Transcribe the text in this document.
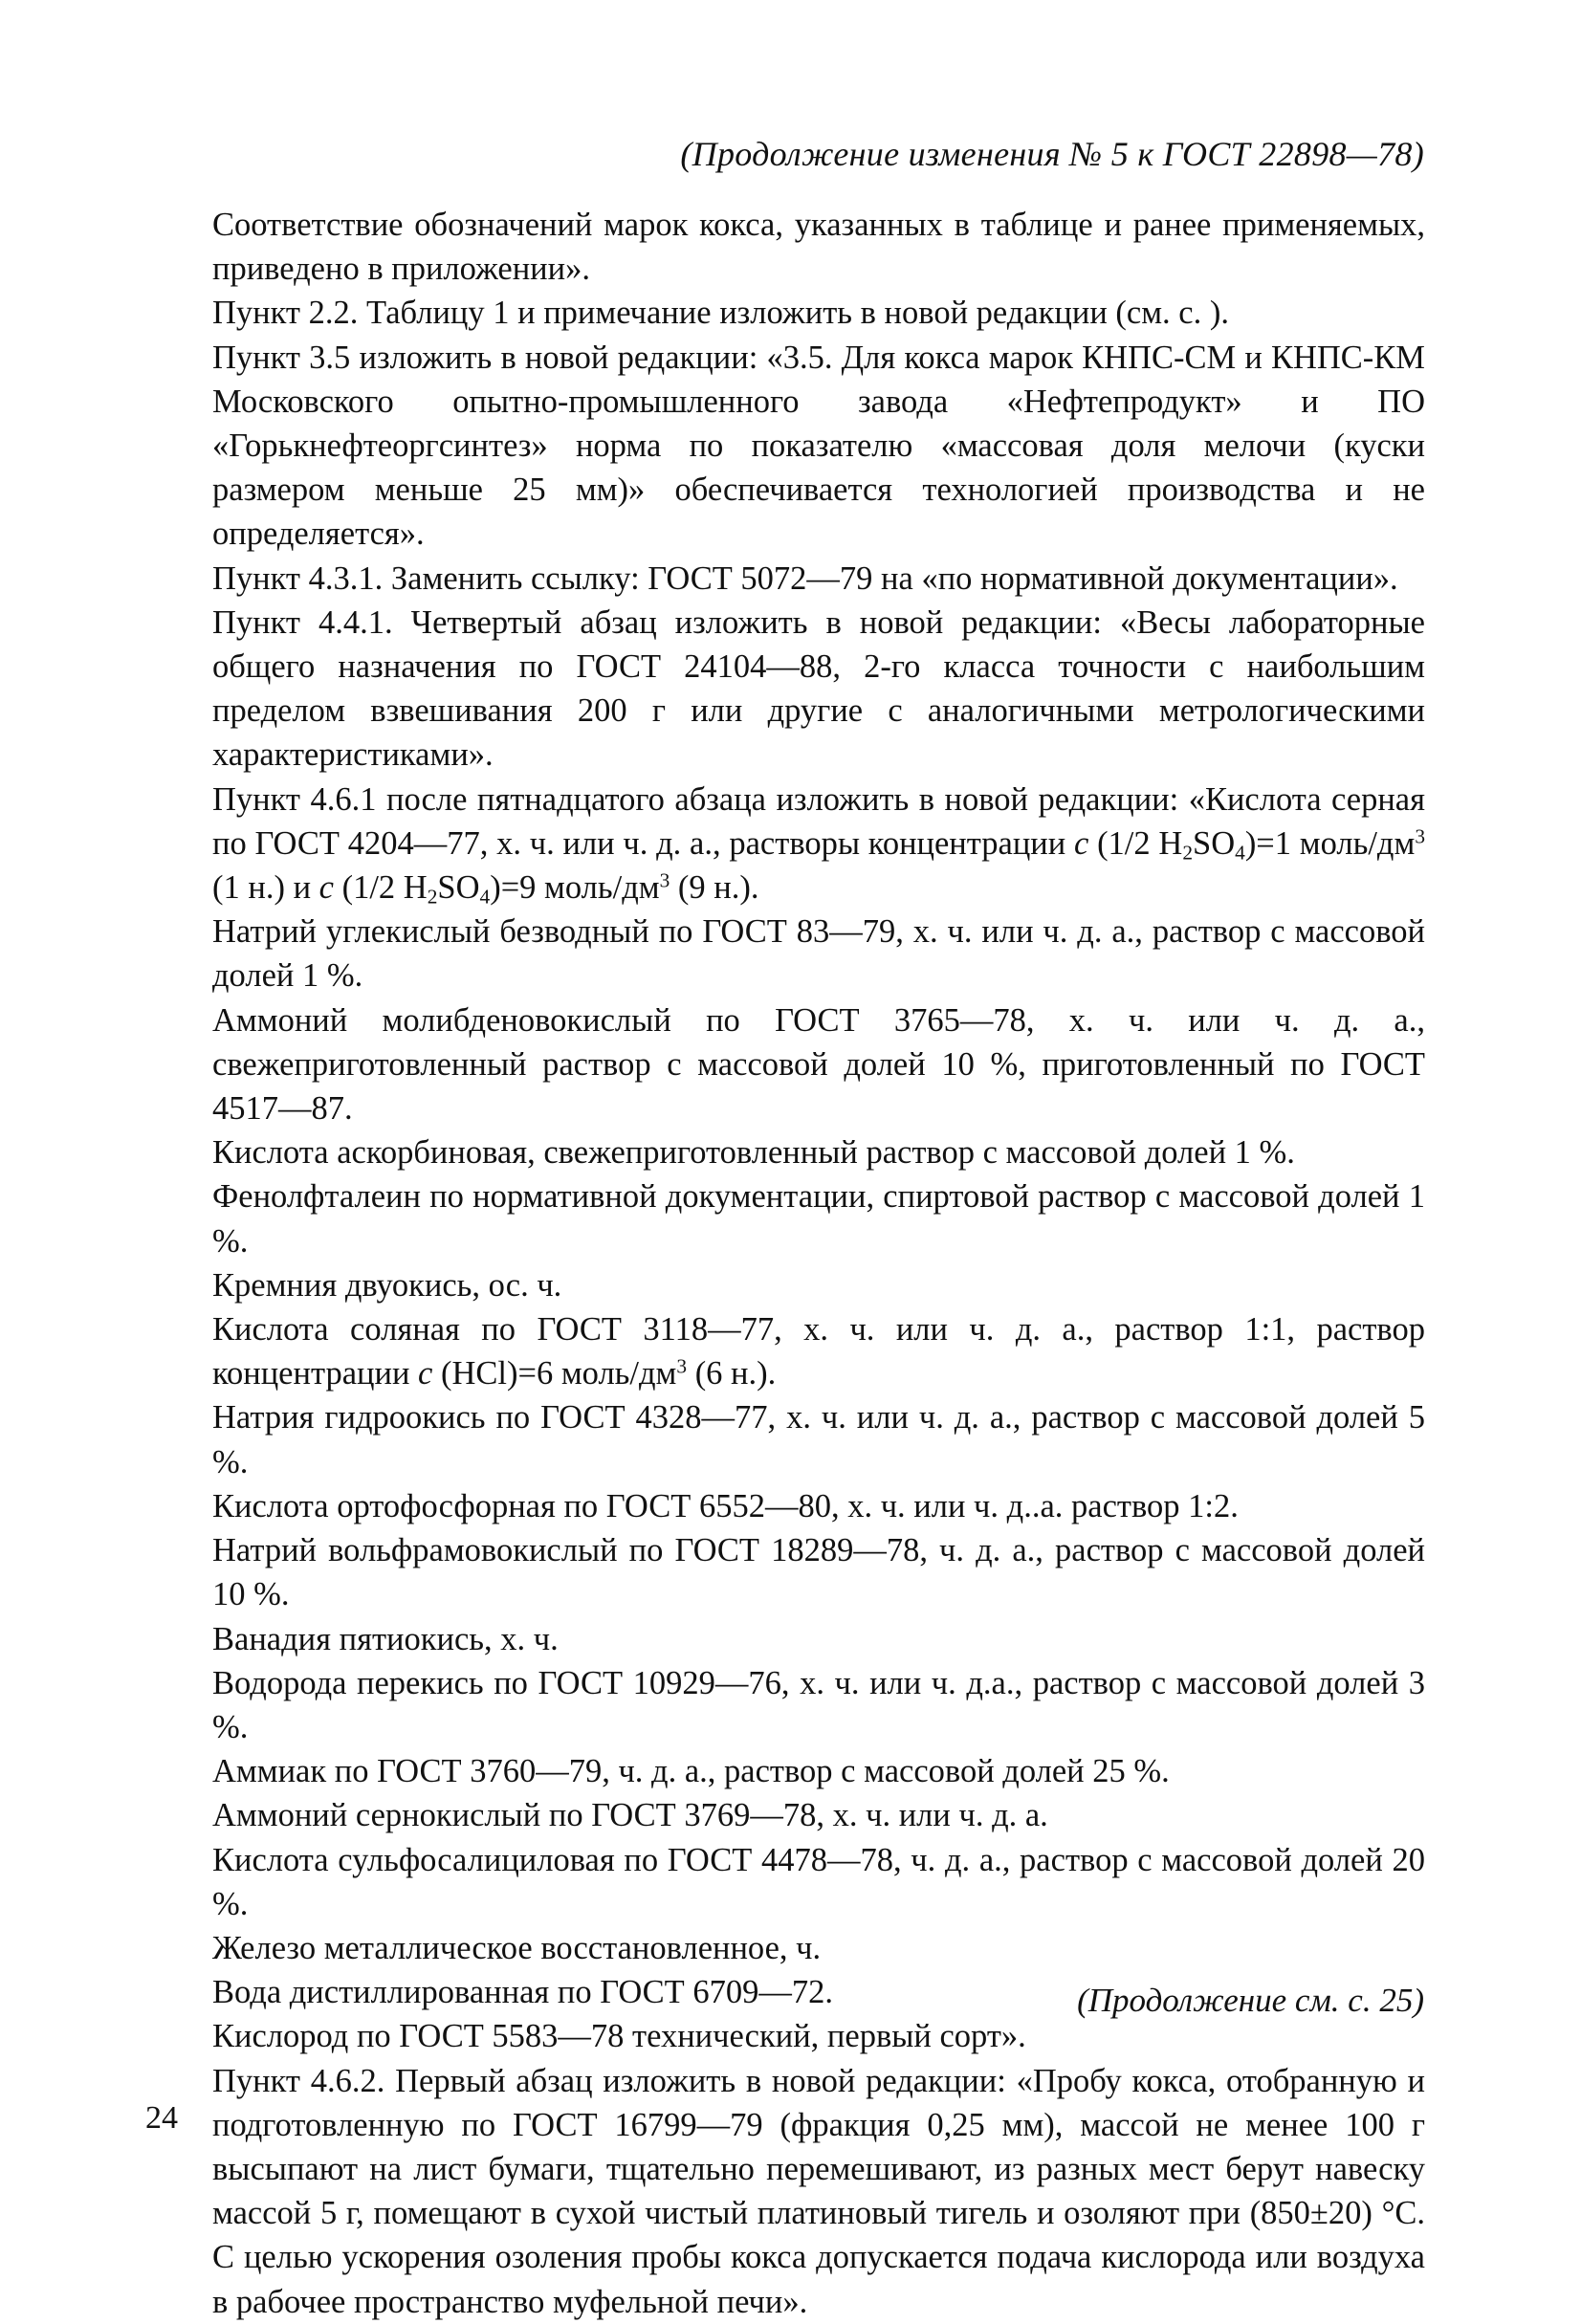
(Продолжение изменения № 5 к ГОСТ 22898—78)

Соответствие обозначений марок кокса, указанных в таблице и ранее применяемых, приведено в приложении».

Пункт 2.2. Таблицу 1 и примечание изложить в новой редакции (см. с. ).

Пункт 3.5 изложить в новой редакции: «3.5. Для кокса марок КНПС-СМ и КНПС-КМ Московского опытно-промышленного завода «Нефтепродукт» и ПО «Горькнефтеоргсинтез» норма по показателю «массовая доля мелочи (куски размером меньше 25 мм)» обеспечивается технологией производства и не определяется».

Пункт 4.3.1. Заменить ссылку: ГОСТ 5072—79 на «по нормативной документации».

Пункт 4.4.1. Четвертый абзац изложить в новой редакции: «Весы лабораторные общего назначения по ГОСТ 24104—88, 2-го класса точности с наибольшим пределом взвешивания 200 г или другие с аналогичными метрологическими характеристиками».

Пункт 4.6.1 после пятнадцатого абзаца изложить в новой редакции: «Кислота серная по ГОСТ 4204—77, х. ч. или ч. д. а., растворы концентрации c (1/2 $H_2SO_4)=1$ моль/$дм^3$ (1 н.) и c (1/2 $H_2SO_4)=9$ моль/$дм^3$ (9 н.).

Натрий углекислый безводный по ГОСТ 83—79, х. ч. или ч. д. а., раствор с массовой долей 1 %.

Аммоний молибденовокислый по ГОСТ 3765—78, х. ч. или ч. д. а., свежеприготовленный раствор с массовой долей 10 %, приготовленный по ГОСТ 4517—87.

Кислота аскорбиновая, свежеприготовленный раствор с массовой долей 1 %.

Фенолфталеин по нормативной документации, спиртовой раствор с массовой долей 1 %.

Кремния двуокись, ос. ч.

Кислота соляная по ГОСТ 3118—77, х. ч. или ч. д. а., раствор 1:1, раствор концентрации c (HCl)=6 моль/$дм^3$ (6 н.).

Натрия гидроокись по ГОСТ 4328—77, х. ч. или ч. д. а., раствор с массовой долей 5 %.

Кислота ортофосфорная по ГОСТ 6552—80, х. ч. или ч. д..а. раствор 1:2.

Натрий вольфрамовокислый по ГОСТ 18289—78, ч. д. а., раствор с массовой долей 10 %.

Ванадия пятиокись, х. ч.

Водорода перекись по ГОСТ 10929—76, х. ч. или ч. д.а., раствор с массовой долей 3 %.

Аммиак по ГОСТ 3760—79, ч. д. а., раствор с массовой долей 25 %.

Аммоний сернокислый по ГОСТ 3769—78, х. ч. или ч. д. а.

Кислота сульфосалициловая по ГОСТ 4478—78, ч. д. а., раствор с массовой долей 20 %.

Железо металлическое восстановленное, ч.

Вода дистиллированная по ГОСТ 6709—72.

Кислород по ГОСТ 5583—78 технический, первый сорт».

Пункт 4.6.2. Первый абзац изложить в новой редакции: «Пробу кокса, отобранную и подготовленную по ГОСТ 16799—79 (фракция 0,25 мм), массой не менее 100 г высыпают на лист бумаги, тщательно перемешивают, из разных мест берут навеску массой 5 г, помещают в сухой чистый платиновый тигель и озоляют при (850±20) °С. С целью ускорения озоления пробы кокса допускается подача кислорода или воздуха в рабочее пространство муфельной печи».

(Продолжение см. с. 25)
24
